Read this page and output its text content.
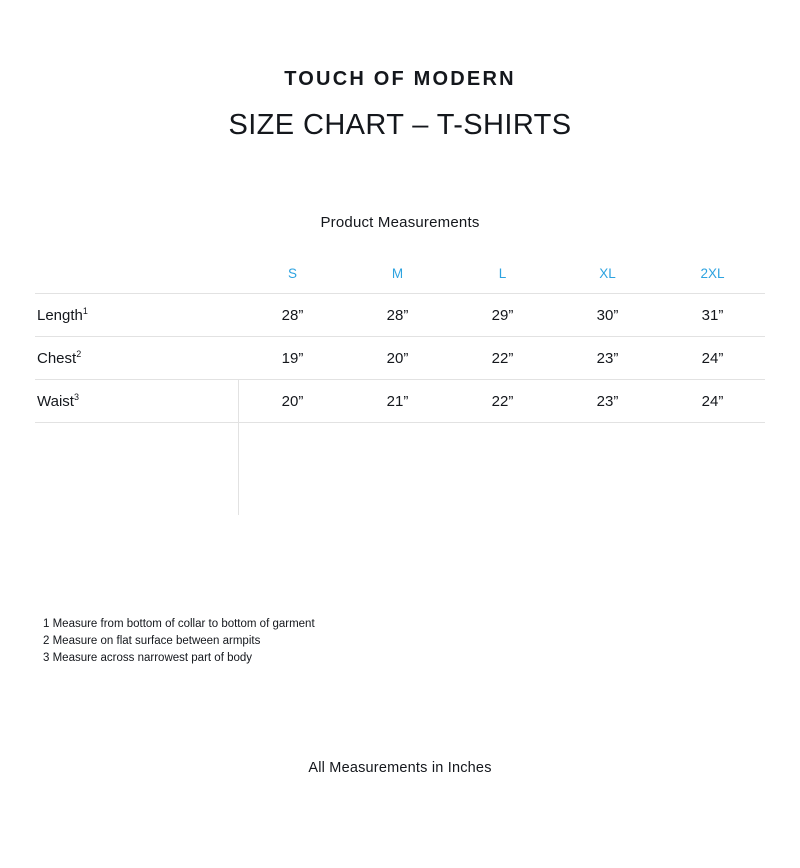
TOUCH OF MODERN
SIZE CHART – T-SHIRTS
Product Measurements
	S	M	L	XL	2XL
Length$^1$	28”	28”	29”	30”	31”
Chest$^2$	19”	20”	22”	23”	24”
Waist$^3$	20”	21”	22”	23”	24”
1 Measure from bottom of collar to bottom of garment
2 Measure on flat surface between armpits
3 Measure across narrowest part of body
All Measurements in Inches
